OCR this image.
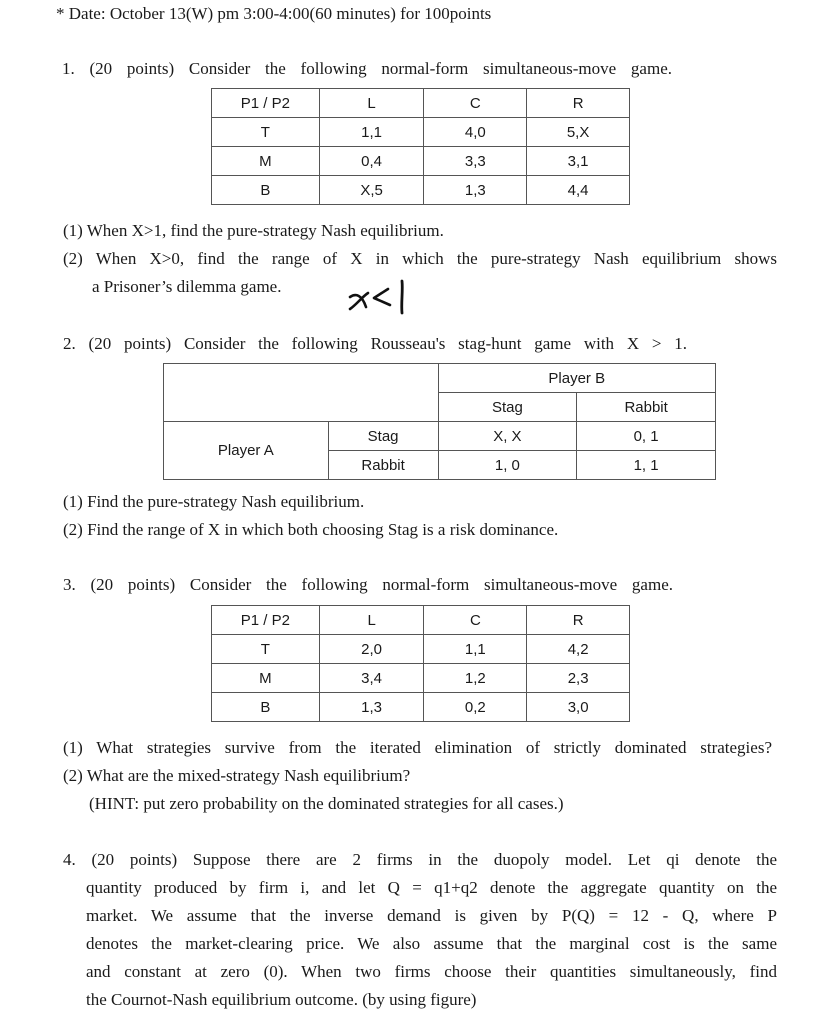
* Date: October 13(W) pm 3:00-4:00(60 minutes) for 100points
1. (20 points) Consider the following normal-form simultaneous-move game.
P1 / P2	L	C	R
T	1,1	4,0	5,X
M	0,4	3,3	3,1
B	X,5	1,3	4,4
(1) When X>1, find the pure-strategy Nash equilibrium.
(2) When X>0, find the range of X in which the pure-strategy Nash equilibrium shows
a Prisoner’s dilemma game.
2. (20 points) Consider the following Rousseau's stag-hunt game with X > 1.
		Player B	
		Stag	Rabbit
Player A	Stag	X, X	0, 1
	Rabbit	1, 0	1, 1
(1) Find the pure-strategy Nash equilibrium.
(2) Find the range of X in which both choosing Stag is a risk dominance.
3. (20 points) Consider the following normal-form simultaneous-move game.
P1 / P2	L	C	R
T	2,0	1,1	4,2
M	3,4	1,2	2,3
B	1,3	0,2	3,0
(1) What strategies survive from the iterated elimination of strictly dominated strategies?
(2) What are the mixed-strategy Nash equilibrium?
(HINT: put zero probability on the dominated strategies for all cases.)
4. (20 points) Suppose there are 2 firms in the duopoly model. Let qi denote the
quantity produced by firm i, and let Q = q1+q2 denote the aggregate quantity on the
market. We assume that the inverse demand is given by P(Q) = 12 - Q, where P
denotes the market-clearing price. We also assume that the marginal cost is the same
and constant at zero (0). When two firms choose their quantities simultaneously, find
the Cournot-Nash equilibrium outcome. (by using figure)
